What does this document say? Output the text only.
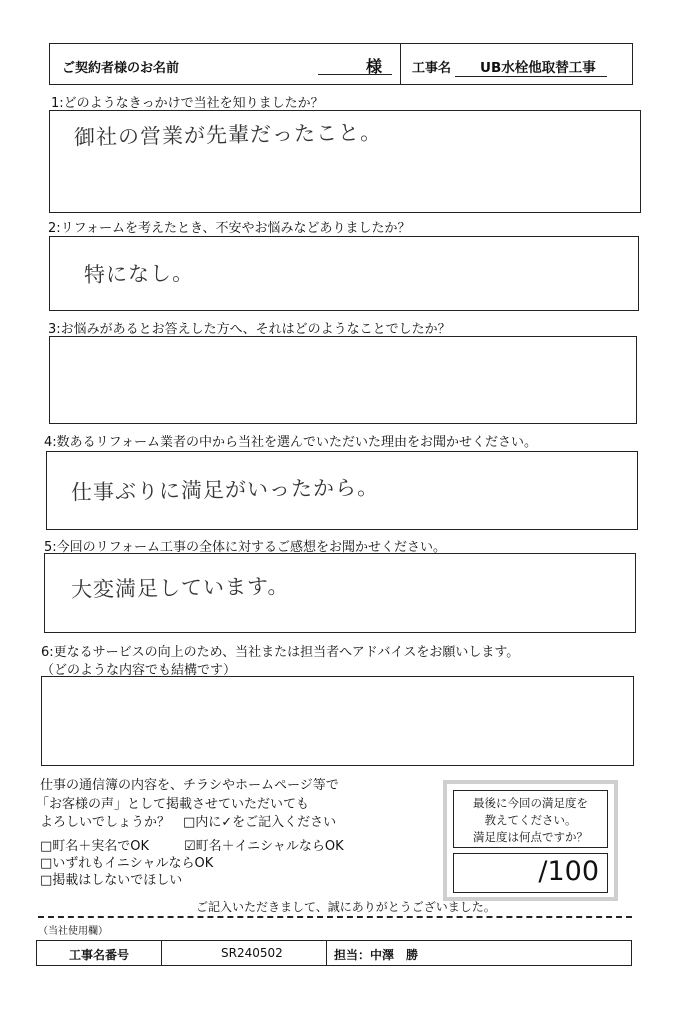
ご契約者様のお名前	様 工事名 UB水栓他取替工事
1:どのようなきっかけで当社を知りましたか？
御社の営業が先輩だったこと。
2:リフォームを考えたとき、不安やお悩みなどありましたか？
特になし。
3:お悩みがあるとお答えした方へ、それはどのようなことでしたか？
4:数あるリフォーム業者の中から当社を選んでいただいた理由をお聞かせください。
仕事ぶりに満足がいったから。
5:今回のリフォーム工事の全体に対するご感想をお聞かせください。
大変満足しています。
6:更なるサービスの向上のため、当社または担当者へアドバイスをお願いします。
（どのような内容でも結構です）
仕事の通信簿の内容を、チラシやホームページ等で
「お客様の声」として掲載させていただいても
よろしいでしょうか？　□内に✓をご記入ください
□町名＋実名でOK	☑町名＋イニシャルならOK
□いずれもイニシャルならOK
□掲載はしないでほしい
最後に今回の満足度を
教えてください。
満足度は何点ですか？
/100
ご記入いただきまして、誠にありがとうございました。
（当社使用欄）
工事名番号	SR240502	担当：中澤　勝
